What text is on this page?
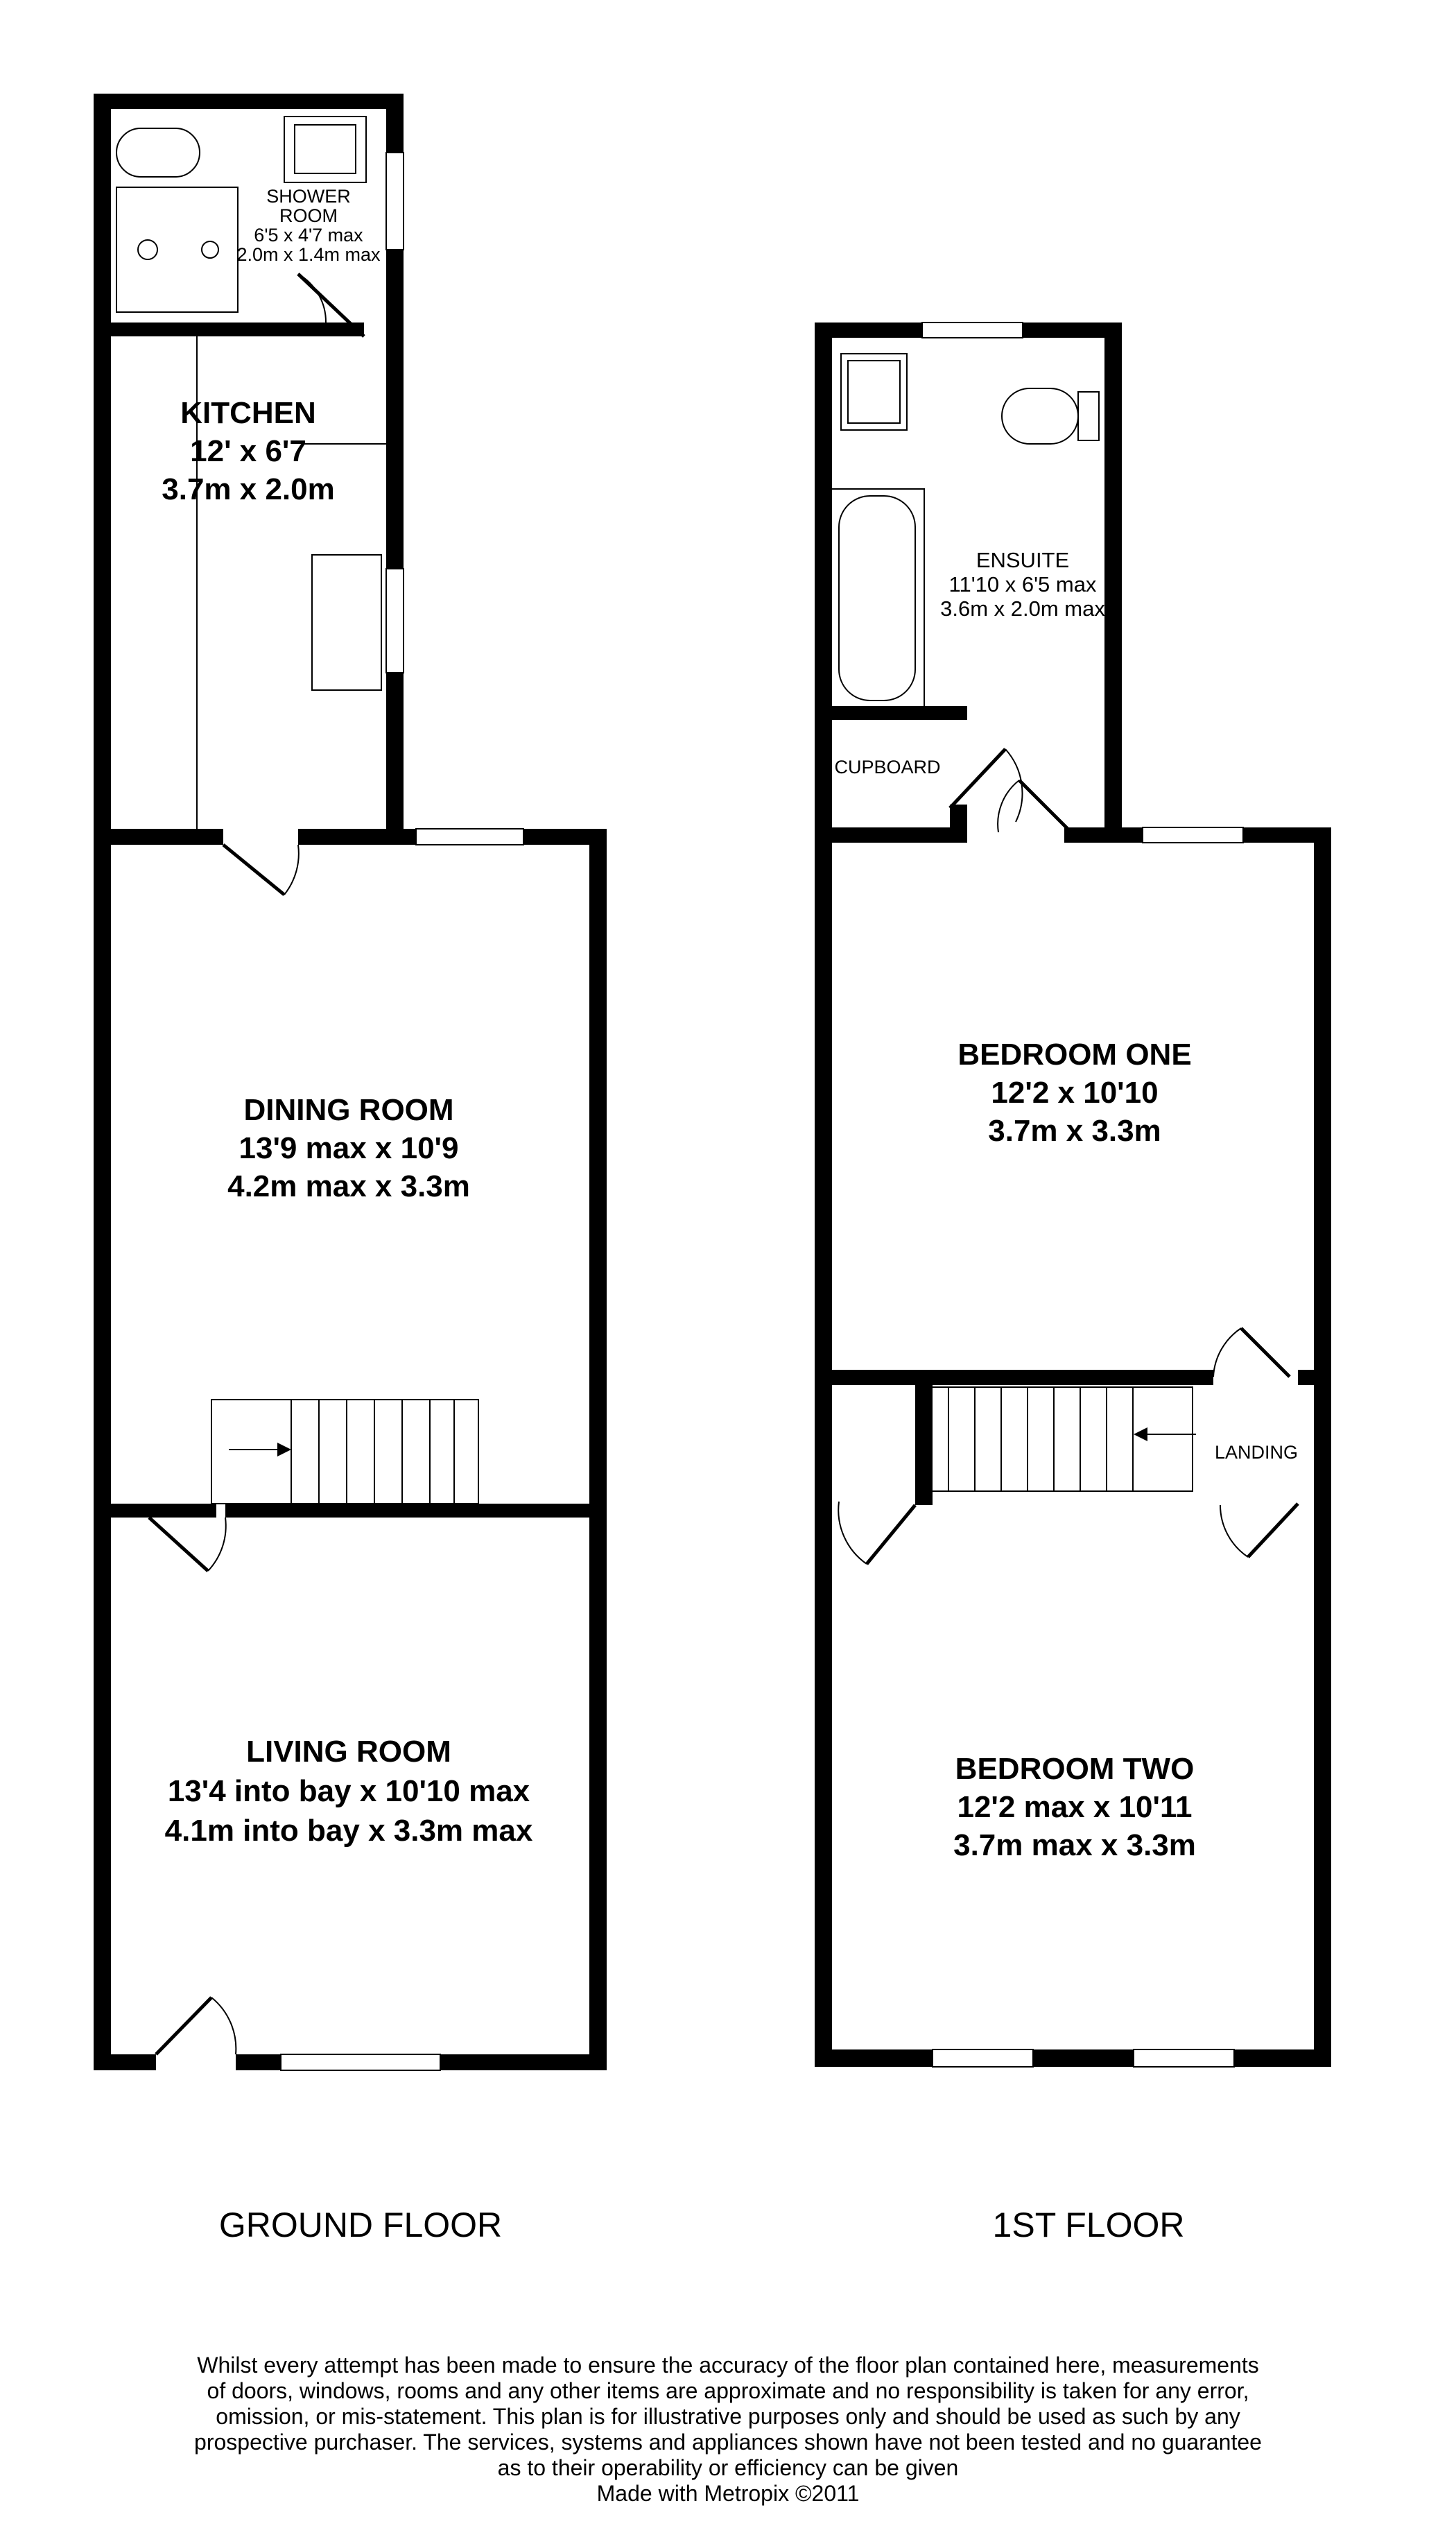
SHOWER
ROOM
6'5 x 4'7 max
2.0m x 1.4m max
KITCHEN
12' x 6'7
3.7m x 2.0m
DINING ROOM
13'9 max x 10'9
4.2m max x 3.3m
LIVING ROOM
13'4 into bay x 10'10 max
4.1m into bay x 3.3m max
GROUND FLOOR
ENSUITE
11'10 x 6'5 max
3.6m x 2.0m max
CUPBOARD
BEDROOM ONE
12'2 x 10'10
3.7m x 3.3m
LANDING
BEDROOM TWO
12'2 max x 10'11
3.7m max x 3.3m
1ST FLOOR
Whilst every attempt has been made to ensure the accuracy of the floor plan contained here, measurements
of doors, windows, rooms and any other items are approximate and no responsibility is taken for any error,
omission, or mis-statement. This plan is for illustrative purposes only and should be used as such by any
prospective purchaser. The services, systems and appliances shown have not been tested and no guarantee
as to their operability or efficiency can be given
Made with Metropix ©2011
